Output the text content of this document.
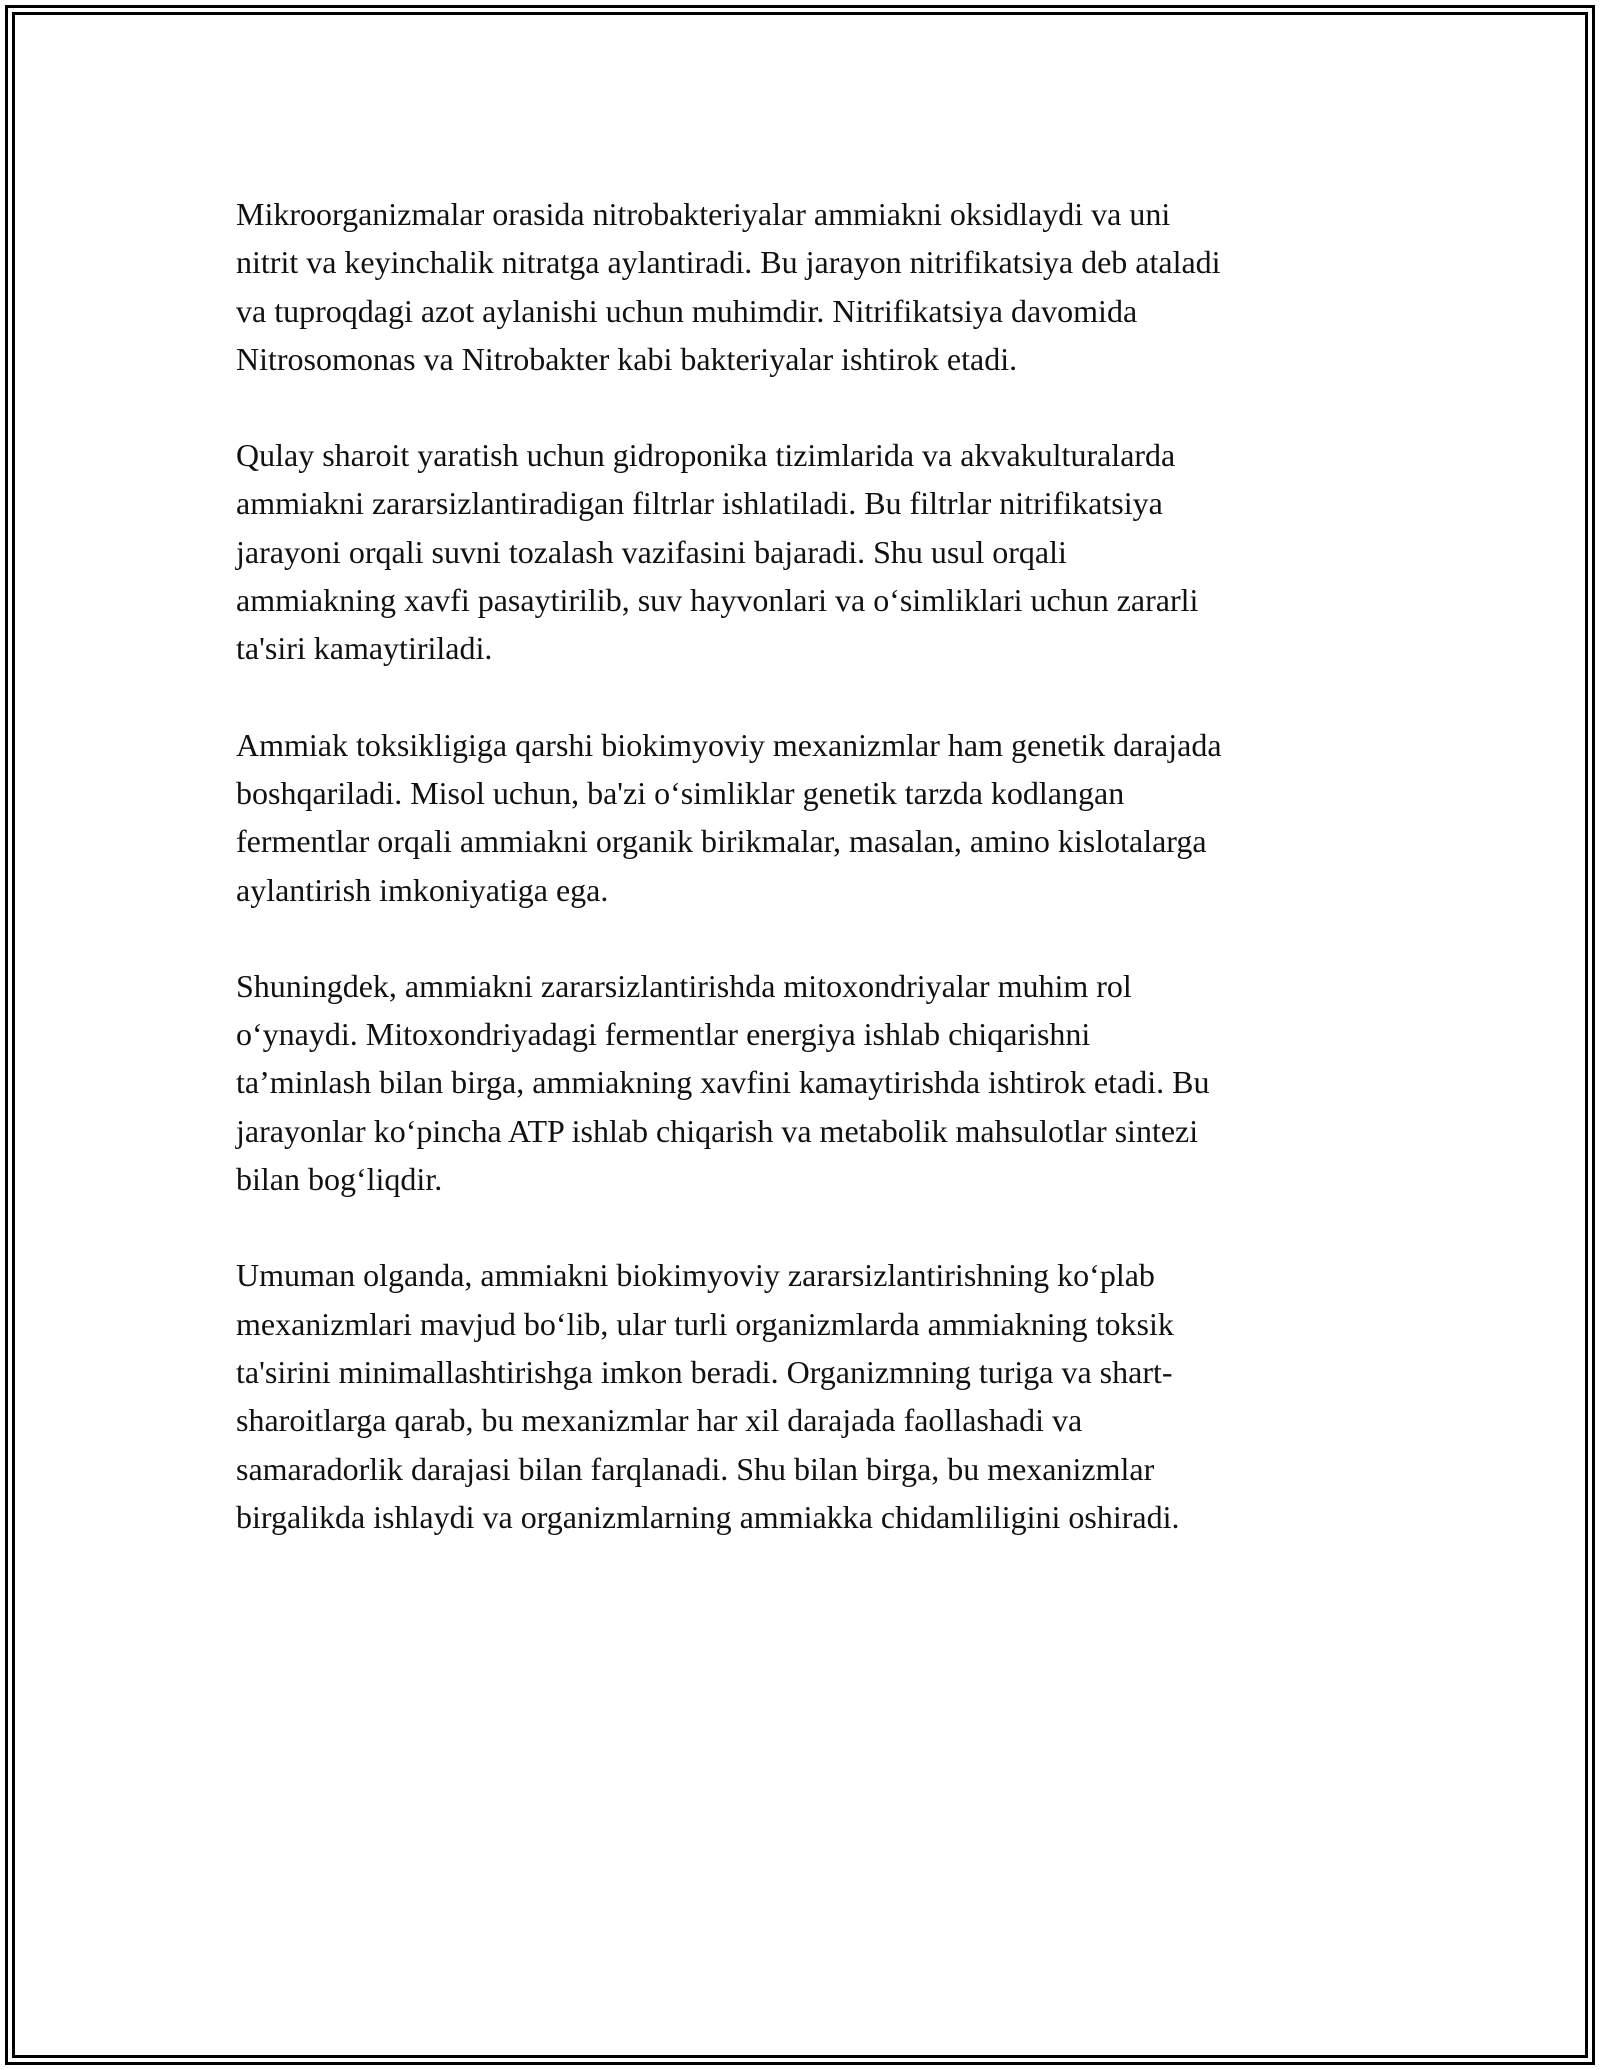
Mikroorganizmalar orasida nitrobakteriyalar ammiakni oksidlaydi va uni
nitrit va keyinchalik nitratga aylantiradi. Bu jarayon nitrifikatsiya deb ataladi
va tuproqdagi azot aylanishi uchun muhimdir. Nitrifikatsiya davomida
Nitrosomonas va Nitrobakter kabi bakteriyalar ishtirok etadi.

Qulay sharoit yaratish uchun gidroponika tizimlarida va akvakulturalarda
ammiakni zararsizlantiradigan filtrlar ishlatiladi. Bu filtrlar nitrifikatsiya
jarayoni orqali suvni tozalash vazifasini bajaradi. Shu usul orqali
ammiakning xavfi pasaytirilib, suv hayvonlari va o‘simliklari uchun zararli
ta'siri kamaytiriladi.

Ammiak toksikligiga qarshi biokimyoviy mexanizmlar ham genetik darajada
boshqariladi. Misol uchun, ba'zi o‘simliklar genetik tarzda kodlangan
fermentlar orqali ammiakni organik birikmalar, masalan, amino kislotalarga
aylantirish imkoniyatiga ega.

Shuningdek, ammiakni zararsizlantirishda mitoxondriyalar muhim rol
o‘ynaydi. Mitoxondriyadagi fermentlar energiya ishlab chiqarishni
ta’minlash bilan birga, ammiakning xavfini kamaytirishda ishtirok etadi. Bu
jarayonlar ko‘pincha ATP ishlab chiqarish va metabolik mahsulotlar sintezi
bilan bog‘liqdir.

Umuman olganda, ammiakni biokimyoviy zararsizlantirishning ko‘plab
mexanizmlari mavjud bo‘lib, ular turli organizmlarda ammiakning toksik
ta'sirini minimallashtirishga imkon beradi. Organizmning turiga va shart-
sharoitlarga qarab, bu mexanizmlar har xil darajada faollashadi va
samaradorlik darajasi bilan farqlanadi. Shu bilan birga, bu mexanizmlar
birgalikda ishlaydi va organizmlarning ammiakka chidamliligini oshiradi.
